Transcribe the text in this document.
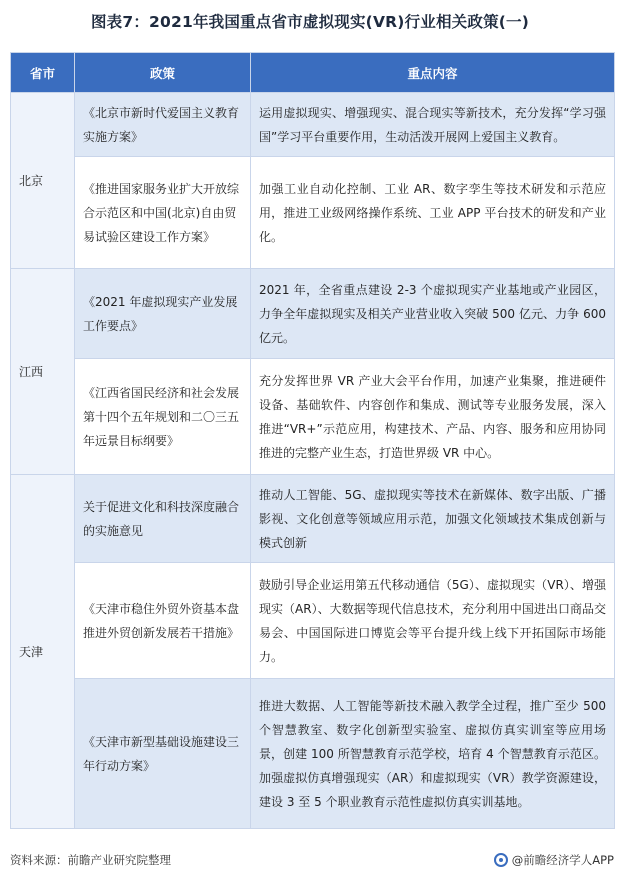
图表7：2021年我国重点省市虚拟现实(VR)行业相关政策(一)
省市	政策	重点内容
北京	《北京市新时代爱国主义教育实施方案》	运用虚拟现实、增强现实、混合现实等新技术，充分发挥“学习强国”学习平台重要作用，生动活泼开展网上爱国主义教育。
	《推进国家服务业扩大开放综合示范区和中国(北京)自由贸易试验区建设工作方案》	加强工业自动化控制、工业 AR、数字孪生等技术研发和示范应用，推进工业级网络操作系统、工业 APP 平台技术的研发和产业化。
江西	《2021 年虚拟现实产业发展工作要点》	2021 年，全省重点建设 2-3 个虚拟现实产业基地或产业园区，力争全年虚拟现实及相关产业营业收入突破 500 亿元、力争 600 亿元。
	《江西省国民经济和社会发展第十四个五年规划和二〇三五年远景目标纲要》	充分发挥世界 VR 产业大会平台作用，加速产业集聚，推进硬件设备、基础软件、内容创作和集成、测试等专业服务发展，深入推进“VR+”示范应用，构建技术、产品、内容、服务和应用协同推进的完整产业生态，打造世界级 VR 中心。
天津	关于促进文化和科技深度融合的实施意见	推动人工智能、5G、虚拟现实等技术在新媒体、数字出版、广播影视、文化创意等领域应用示范，加强文化领域技术集成创新与模式创新
	《天津市稳住外贸外资基本盘推进外贸创新发展若干措施》	鼓励引导企业运用第五代移动通信（5G）、虚拟现实（VR）、增强现实（AR）、大数据等现代信息技术，充分利用中国进出口商品交易会、中国国际进口博览会等平台提升线上线下开拓国际市场能力。
	《天津市新型基础设施建设三年行动方案》	推进大数据、人工智能等新技术融入教学全过程，推广至少 500 个智慧教室、数字化创新型实验室、虚拟仿真实训室等应用场景，创建 100 所智慧教育示范学校，培育 4 个智慧教育示范区。加强虚拟仿真增强现实（AR）和虚拟现实（VR）教学资源建设，建设 3 至 5 个职业教育示范性虚拟仿真实训基地。
资料来源：前瞻产业研究院整理	@前瞻经济学人APP
